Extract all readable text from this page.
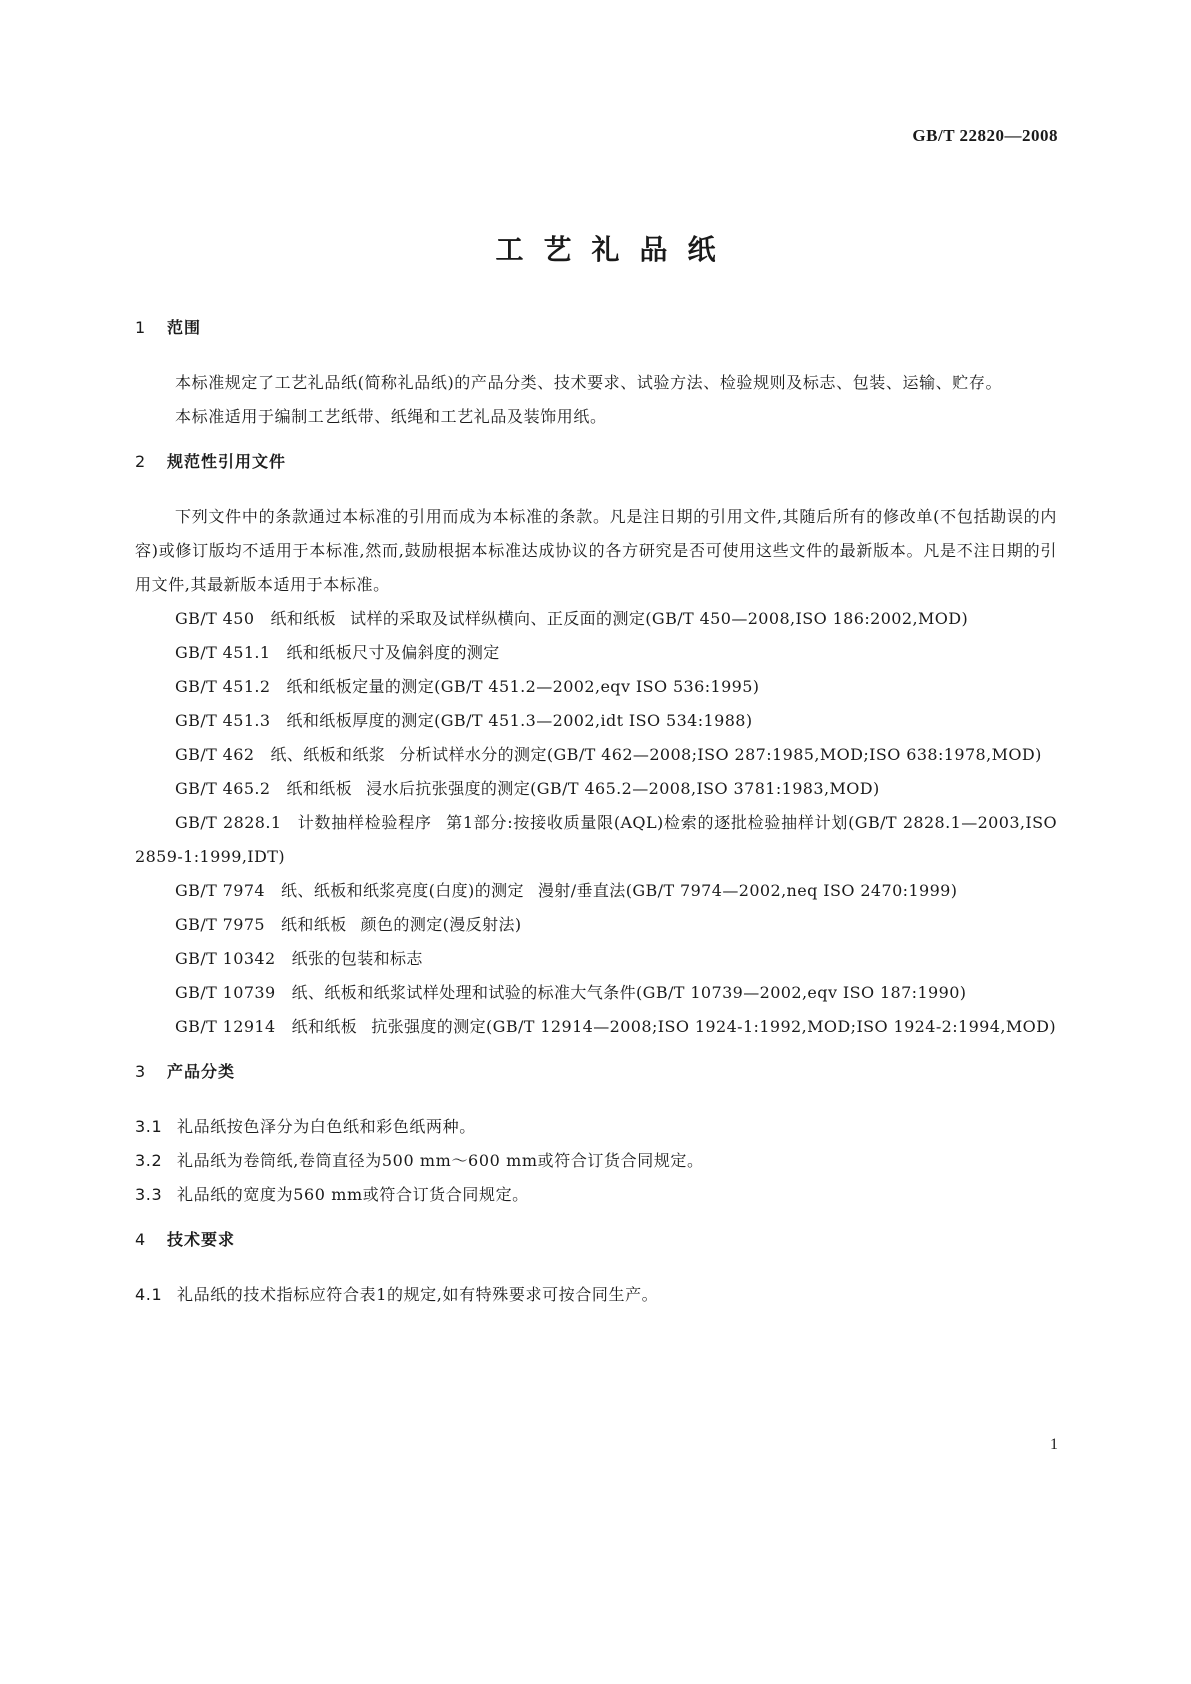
GB/T 22820—2008
工艺礼品纸
1 范围

本标准规定了工艺礼品纸(简称礼品纸)的产品分类、技术要求、试验方法、检验规则及标志、包装、运输、贮存。

本标准适用于编制工艺纸带、纸绳和工艺礼品及装饰用纸。

2 规范性引用文件

下列文件中的条款通过本标准的引用而成为本标准的条款。凡是注日期的引用文件,其随后所有的修改单(不包括勘误的内容)或修订版均不适用于本标准,然而,鼓励根据本标准达成协议的各方研究是否可使用这些文件的最新版本。凡是不注日期的引用文件,其最新版本适用于本标准。

GB/T 450 纸和纸板 试样的采取及试样纵横向、正反面的测定(GB/T 450—2008,ISO 186:2002,MOD)

GB/T 451.1 纸和纸板尺寸及偏斜度的测定

GB/T 451.2 纸和纸板定量的测定(GB/T 451.2—2002,eqv ISO 536:1995)

GB/T 451.3 纸和纸板厚度的测定(GB/T 451.3—2002,idt ISO 534:1988)

GB/T 462 纸、纸板和纸浆 分析试样水分的测定(GB/T 462—2008;ISO 287:1985,MOD;ISO 638:1978,MOD)

GB/T 465.2 纸和纸板 浸水后抗张强度的测定(GB/T 465.2—2008,ISO 3781:1983,MOD)

GB/T 2828.1 计数抽样检验程序 第1部分:按接收质量限(AQL)检索的逐批检验抽样计划(GB/T 2828.1—2003,ISO 2859-1:1999,IDT)

GB/T 7974 纸、纸板和纸浆亮度(白度)的测定 漫射/垂直法(GB/T 7974—2002,neq ISO 2470:1999)

GB/T 7975 纸和纸板 颜色的测定(漫反射法)

GB/T 10342 纸张的包装和标志

GB/T 10739 纸、纸板和纸浆试样处理和试验的标准大气条件(GB/T 10739—2002,eqv ISO 187:1990)

GB/T 12914 纸和纸板 抗张强度的测定(GB/T 12914—2008;ISO 1924-1:1992,MOD;ISO 1924-2:1994,MOD)

3 产品分类

3.1 礼品纸按色泽分为白色纸和彩色纸两种。

3.2 礼品纸为卷筒纸,卷筒直径为500 mm～600 mm或符合订货合同规定。

3.3 礼品纸的宽度为560 mm或符合订货合同规定。

4 技术要求

4.1 礼品纸的技术指标应符合表1的规定,如有特殊要求可按合同生产。

1
